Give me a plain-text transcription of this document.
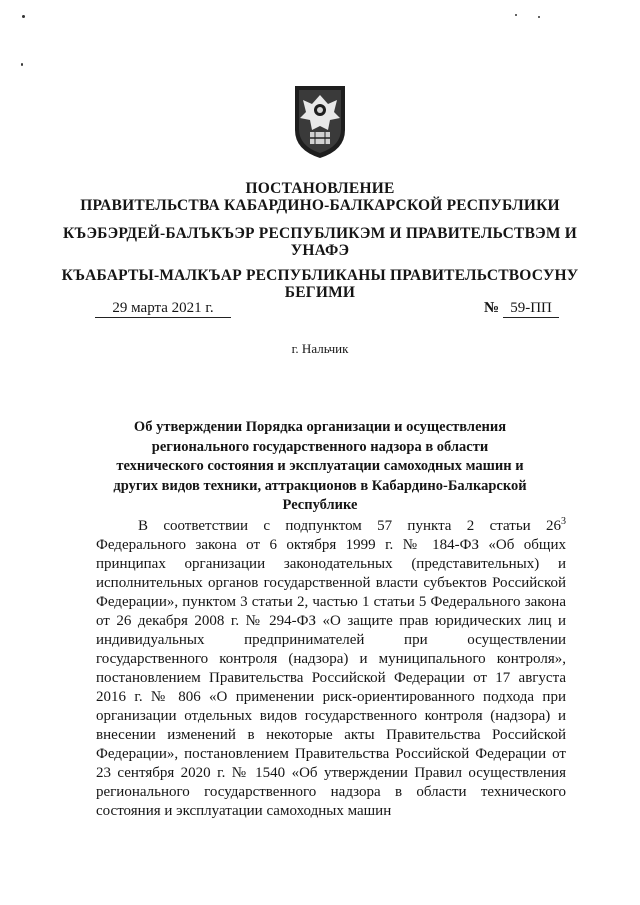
ПОСТАНОВЛЕНИЕ
ПРАВИТЕЛЬСТВА КАБАРДИНО-БАЛКАРСКОЙ РЕСПУБЛИКИ
КЪЭБЭРДЕЙ-БАЛЪКЪЭР РЕСПУБЛИКЭМ И ПРАВИТЕЛЬСТВЭМ И
УНАФЭ
КЪАБАРТЫ-МАЛКЪАР РЕСПУБЛИКАНЫ ПРАВИТЕЛЬСТВОСУНУ
БЕГИМИ
29 марта 2021 г.	№ 59-ПП
г. Нальчик
Об утверждении Порядка организации и осуществления регионального государственного надзора в области технического состояния и эксплуатации самоходных машин и других видов техники, аттракционов в Кабардино-Балкарской Республике

В соответствии с подпунктом 57 пункта 2 статьи $26^3$ Федерального закона от 6 октября 1999 г. № 184-ФЗ «Об общих принципах организации законодательных (представительных) и исполнительных органов государственной власти субъектов Российской Федерации», пунктом 3 статьи 2, частью 1 статьи 5 Федерального закона от 26 декабря 2008 г. № 294-ФЗ «О защите прав юридических лиц и индивидуальных предпринимателей при осуществлении государственного контроля (надзора) и муниципального контроля», постановлением Правительства Российской Федерации от 17 августа 2016 г. № 806 «О применении риск-ориентированного подхода при организации отдельных видов государственного контроля (надзора) и внесении изменений в некоторые акты Правительства Российской Федерации», постановлением Правительства Российской Федерации от 23 сентября 2020 г. № 1540 «Об утверждении Правил осуществления регионального государственного надзора в области технического состояния и эксплуатации самоходных машин
